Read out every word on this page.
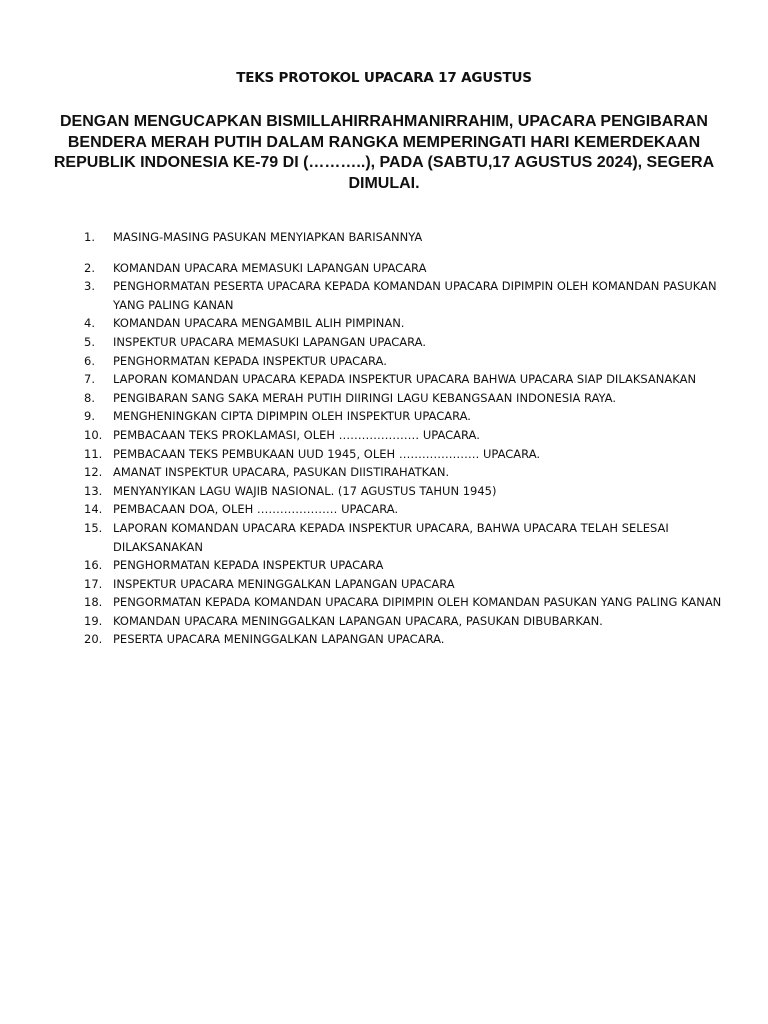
TEKS PROTOKOL UPACARA 17 AGUSTUS

DENGAN MENGUCAPKAN BISMILLAHIRRAHMANIRRAHIM, UPACARA PENGIBARAN BENDERA MERAH PUTIH DALAM RANGKA MEMPERINGATI HARI KEMERDEKAAN REPUBLIK INDONESIA KE-79 DI (………..), PADA (SABTU,17 AGUSTUS 2024), SEGERA DIMULAI.

1.	MASING-MASING PASUKAN MENYIAPKAN BARISANNYA
2.	KOMANDAN UPACARA MEMASUKI LAPANGAN UPACARA
3.	PENGHORMATAN PESERTA UPACARA KEPADA KOMANDAN UPACARA DIPIMPIN OLEH KOMANDAN PASUKAN YANG PALING KANAN
4.	KOMANDAN UPACARA MENGAMBIL ALIH PIMPINAN.
5.	INSPEKTUR UPACARA MEMASUKI LAPANGAN UPACARA.
6.	PENGHORMATAN KEPADA INSPEKTUR UPACARA.
7.	LAPORAN KOMANDAN UPACARA KEPADA INSPEKTUR UPACARA BAHWA UPACARA SIAP DILAKSANAKAN
8.	PENGIBARAN SANG SAKA MERAH PUTIH DIIRINGI LAGU KEBANGSAAN INDONESIA RAYA.
9.	MENGHENINGKAN CIPTA DIPIMPIN OLEH INSPEKTUR UPACARA.
10. PEMBACAAN TEKS PROKLAMASI, OLEH ………………… UPACARA.
11. PEMBACAAN TEKS PEMBUKAAN UUD 1945, OLEH ………………… UPACARA.
12. AMANAT INSPEKTUR UPACARA, PASUKAN DIISTIRAHATKAN.
13. MENYANYIKAN LAGU WAJIB NASIONAL. (17 AGUSTUS TAHUN 1945)
14. PEMBACAAN DOA, OLEH ………………… UPACARA.
15. LAPORAN KOMANDAN UPACARA KEPADA INSPEKTUR UPACARA, BAHWA UPACARA TELAH SELESAI DILAKSANAKAN
16. PENGHORMATAN KEPADA INSPEKTUR UPACARA
17. INSPEKTUR UPACARA MENINGGALKAN LAPANGAN UPACARA
18. PENGORMATAN KEPADA KOMANDAN UPACARA DIPIMPIN OLEH KOMANDAN PASUKAN YANG PALING KANAN
19. KOMANDAN UPACARA MENINGGALKAN LAPANGAN UPACARA, PASUKAN DIBUBARKAN.
20. PESERTA UPACARA MENINGGALKAN LAPANGAN UPACARA.
